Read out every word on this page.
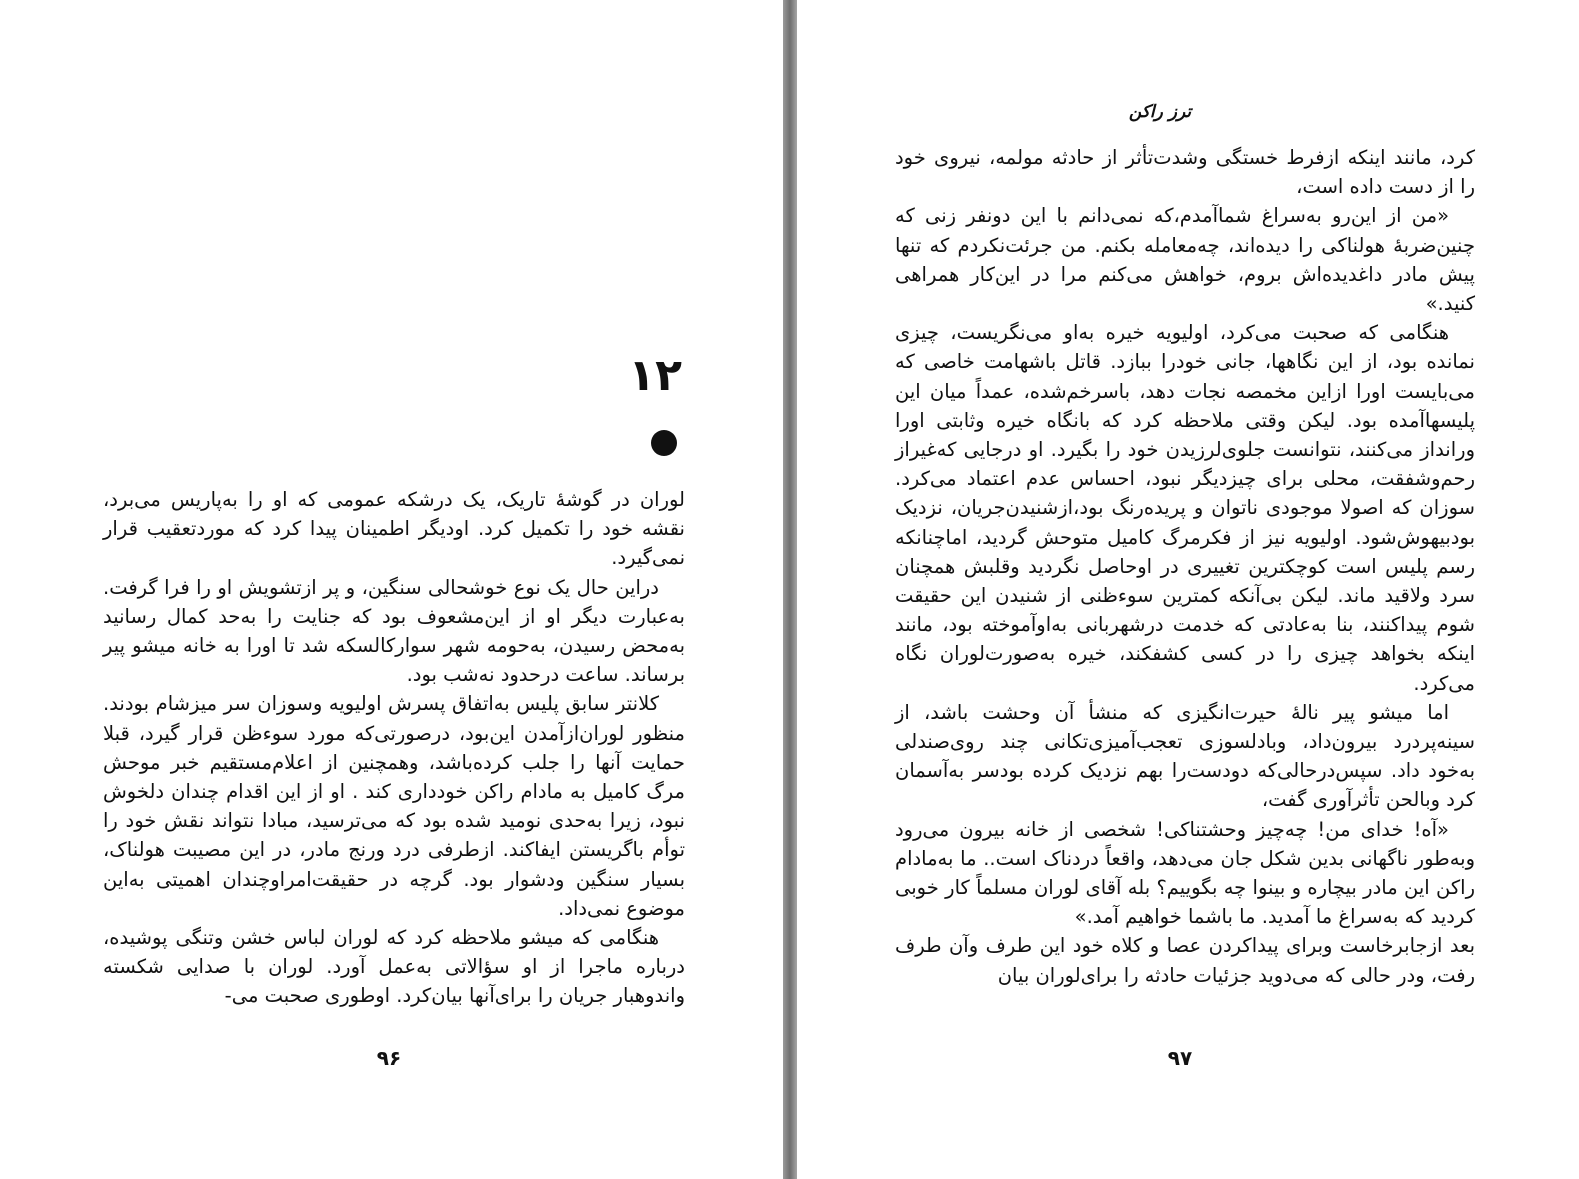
۱۲

لوران در گوشهٔ تاریک، یک درشکه عمومی که او را به‌پاریس می‌برد، نقشه خود را تکمیل کرد. اودیگر اطمینان پیدا کرد که موردتعقیب قرار نمی‌گیرد.

دراین حال یک نوع خوشحالی سنگین، و پر ازتشویش او را فرا گرفت. به‌عبارت دیگر او از این‌مشعوف بود که جنایت را به‌حد کمال رسانید به‌محض رسیدن، به‌حومه شهر سوارکالسکه شد تا اورا به خانه میشو پیر برساند. ساعت درحدود نه‌شب بود.

کلانتر سابق پلیس به‌اتفاق پسرش اولیویه وسوزان سر میزشام بودند. منظور لوران‌ازآمدن این‌بود، درصورتی‌که مورد سوءظن قرار گیرد، قبلا حمایت آنها را جلب کرده‌باشد، وهمچنین از اعلام‌مستقیم خبر موحش مرگ کامیل به مادام راکن خودداری کند . او از این اقدام چندان دلخوش نبود، زیرا به‌حدی نومید شده بود که می‌ترسید، مبادا نتواند نقش خود را توأم باگریستن ایفاکند. ازطرفی درد ورنج مادر، در این مصیبت هولناک، بسیار سنگین ودشوار بود. گرچه در حقیقت‌امراوچندان اهمیتی به‌این موضوع نمی‌داد.

هنگامی که میشو ملاحظه کرد که لوران لباس خشن وتنگی پوشیده، درباره ماجرا از او سؤالاتی به‌عمل آورد. لوران با صدایی شکسته واندوهبار جریان را برای‌آنها بیان‌کرد. اوطوری صحبت می-

۹۶
ترز راکن

کرد، مانند اینکه ازفرط خستگی وشدت‌تأثر از حادثه مولمه، نیروی خود را از دست داده است،

«من از این‌رو به‌سراغ شماآمدم،که نمی‌دانم با این دونفر زنی که چنین‌ضربهٔ هولناکی را دیده‌اند، چه‌معامله بکنم. من جرئت‌نکردم که تنها پیش مادر داغدیده‌اش بروم، خواهش می‌کنم مرا در این‌کار همراهی کنید.»

هنگامی که صحبت می‌کرد، اولیویه خیره به‌او می‌نگریست، چیزی نمانده بود، از این نگاهها، جانی خودرا ببازد. قاتل باشهامت خاصی که می‌بایست اورا ازاین مخمصه نجات دهد، باسرخم‌شده، عمداً میان این پلیسهاآمده بود. لیکن وقتی ملاحظه کرد که بانگاه خیره وثابتی اورا ورانداز می‌کنند، نتوانست جلوی‌لرزیدن خود را بگیرد. او درجایی که‌غیراز رحم‌وشفقت، محلی برای چیزدیگر نبود، احساس عدم اعتماد می‌کرد. سوزان که اصولا موجودی ناتوان و پریده‌رنگ بود،ازشنیدن‌جریان، نزدیک بودبیهوش‌شود. اولیویه نیز از فکرمرگ کامیل متوحش گردید، اماچنانکه رسم پلیس است کوچکترین تغییری در اوحاصل نگردید وقلبش همچنان سرد ولاقید ماند. لیکن بی‌آنکه کمترین سوءظنی از شنیدن این حقیقت شوم پیداکنند، بنا به‌عادتی که خدمت درشهربانی به‌اوآموخته بود، مانند اینکه بخواهد چیزی را در کسی کشفکند، خیره به‌صورت‌لوران نگاه می‌کرد.

اما میشو پیر نالهٔ حیرت‌انگیزی که منشأ آن وحشت باشد، از سینه‌پردرد بیرون‌داد، وبادلسوزی تعجب‌آمیزی‌تکانی چند روی‌صندلی به‌خود داد. سپس‌درحالی‌که دودست‌را بهم نزدیک کرده بودسر به‌آسمان کرد وبالحن تأثرآوری گفت،

«آه! خدای من! چه‌چیز وحشتناکی! شخصی از خانه بیرون می‌رود وبه‌طور ناگهانی بدین شکل جان می‌دهد، واقعاً دردناک است.. ما به‌مادام راکن این مادر بیچاره و بینوا چه بگوییم؟ بله آقای لوران مسلماً کار خوبی کردید که به‌سراغ ما آمدید. ما باشما خواهیم آمد.»

بعد ازجابرخاست وبرای پیداکردن عصا و کلاه خود این طرف وآن طرف رفت، ودر حالی که می‌دوید جزئیات حادثه را برای‌لوران بیان

۹۷
